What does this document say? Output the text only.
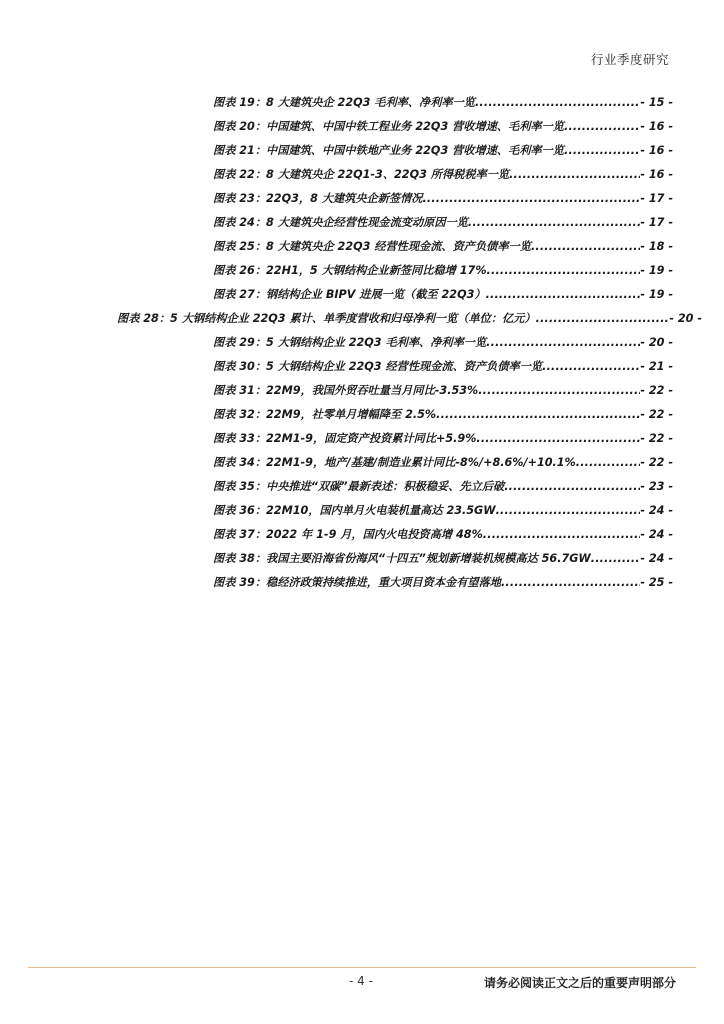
行业季度研究
图表 19：8 大建筑央企 22Q3 毛利率、净利率一览 .....	- 15 -
图表 20：中国建筑、中国中铁工程业务 22Q3 营收增速、毛利率一览 .....	- 16 -
图表 21：中国建筑、中国中铁地产业务 22Q3 营收增速、毛利率一览 .....	- 16 -
图表 22：8 大建筑央企 22Q1-3、22Q3 所得税税率一览 .....	- 16 -
图表 23：22Q3，8 大建筑央企新签情况 .....	- 17 -
图表 24：8 大建筑央企经营性现金流变动原因一览 .....	- 17 -
图表 25：8 大建筑央企 22Q3 经营性现金流、资产负债率一览 .....	- 18 -
图表 26：22H1，5 大钢结构企业新签同比稳增 17% .....	- 19 -
图表 27：钢结构企业 BIPV 进展一览（截至 22Q3） .....	- 19 -
图表 28：5 大钢结构企业 22Q3 累计、单季度营收和归母净利一览（单位：亿元） .....	- 20 -
图表 29：5 大钢结构企业 22Q3 毛利率、净利率一览 .....	- 20 -
图表 30：5 大钢结构企业 22Q3 经营性现金流、资产负债率一览 .....	- 21 -
图表 31：22M9，我国外贸吞吐量当月同比-3.53% .....	- 22 -
图表 32：22M9，社零单月增幅降至 2.5% .....	- 22 -
图表 33：22M1-9，固定资产投资累计同比+5.9% .....	- 22 -
图表 34：22M1-9，地产/基建/制造业累计同比-8%/+8.6%/+10.1% .....	- 22 -
图表 35：中央推进“双碳”最新表述：积极稳妥、先立后破 .....	- 23 -
图表 36：22M10，国内单月火电装机量高达 23.5GW .....	- 24 -
图表 37：2022 年 1-9 月，国内火电投资高增 48% .....	- 24 -
图表 38：我国主要沿海省份海风“十四五”规划新增装机规模高达 56.7GW .....	- 24 -
图表 39：稳经济政策持续推进，重大项目资本金有望落地 .....	- 25 -
- 4 -	请务必阅读正文之后的重要声明部分
